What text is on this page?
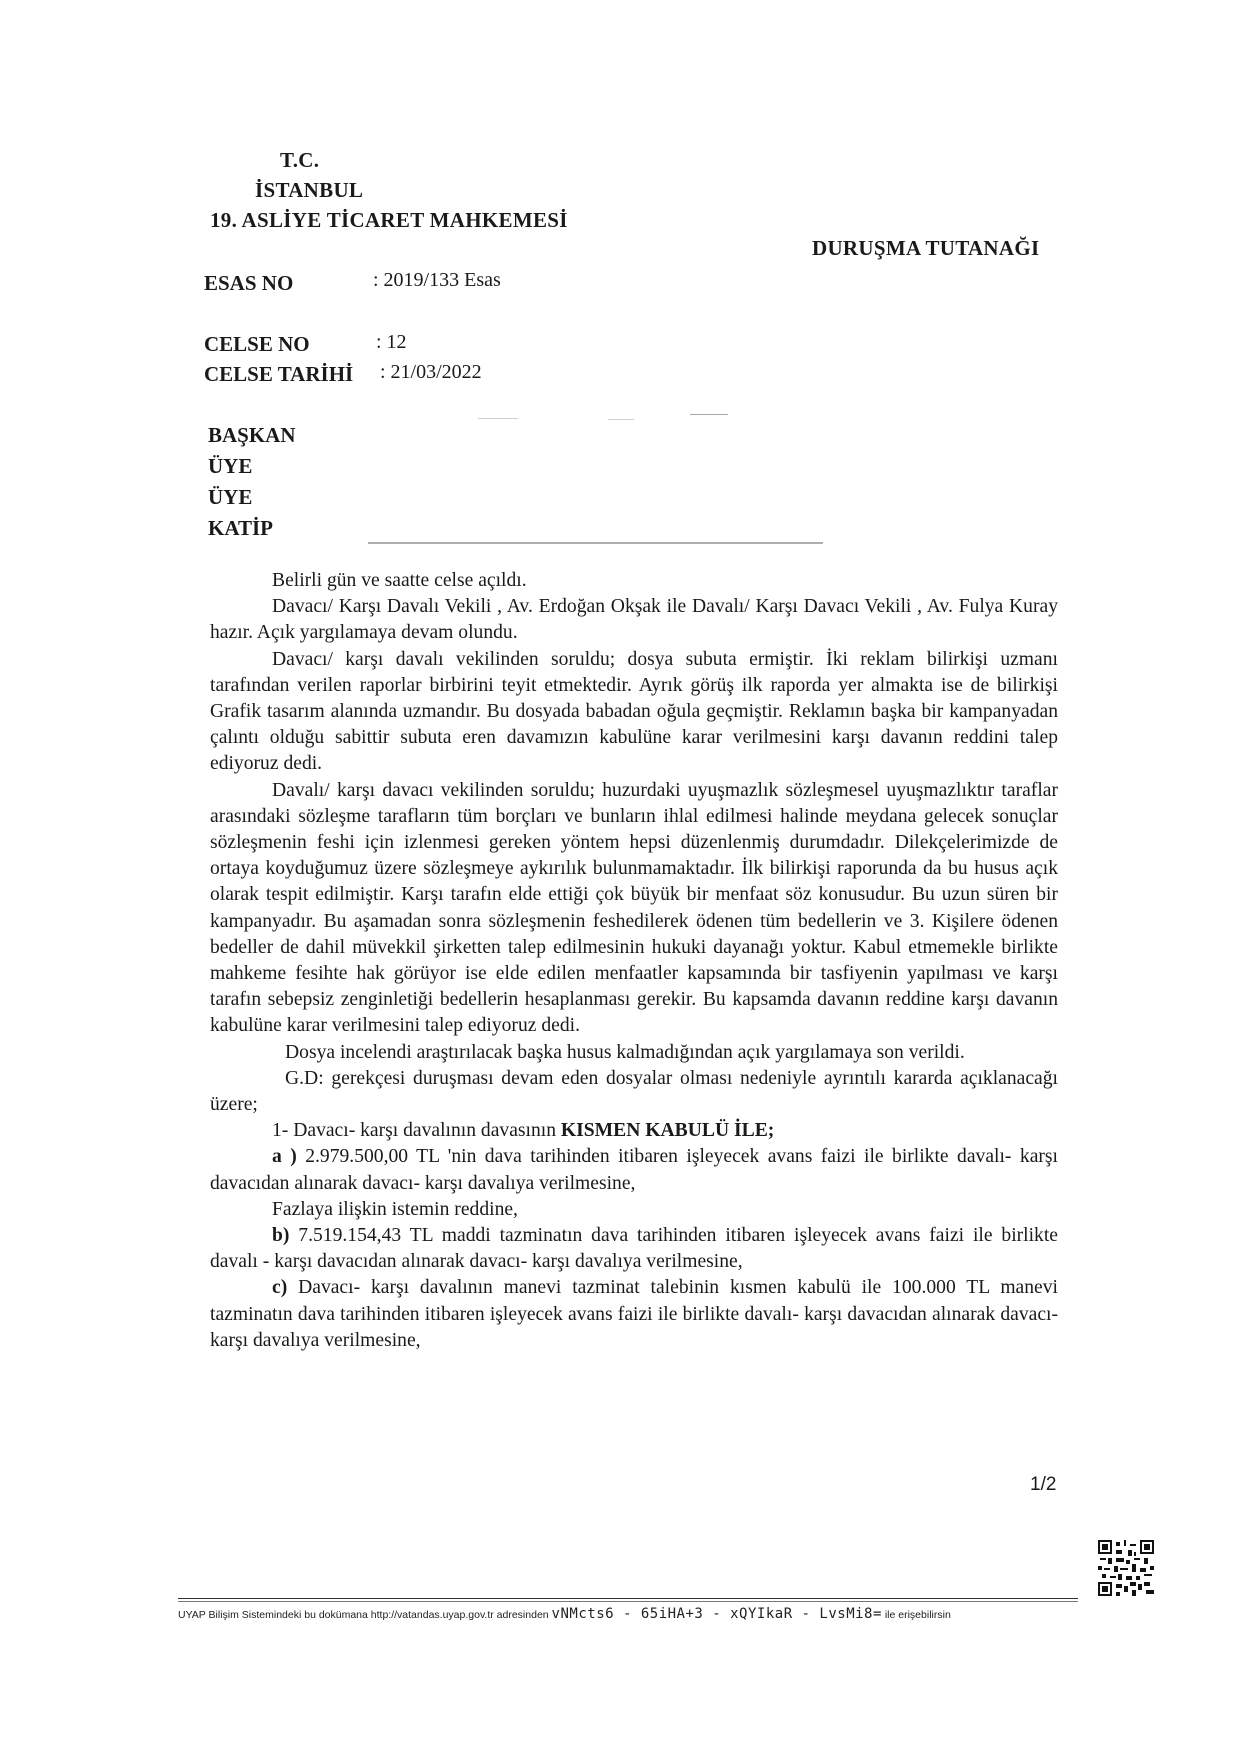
T.C.
İSTANBUL
19. ASLİYE TİCARET MAHKEMESİ
DURUŞMA TUTANAĞI
ESAS NO	: 2019/133 Esas
CELSE NO	: 12
CELSE TARİHİ : 21/03/2022
BAŞKAN
ÜYE
ÜYE
KATİP

Belirli gün ve saatte celse açıldı.

Davacı/ Karşı Davalı Vekili , Av. Erdoğan Okşak ile Davalı/ Karşı Davacı Vekili , Av. Fulya Kuray hazır. Açık yargılamaya devam olundu.

Davacı/ karşı davalı vekilinden soruldu; dosya subuta ermiştir. İki reklam bilirkişi uzmanı tarafından verilen raporlar birbirini teyit etmektedir. Ayrık görüş ilk raporda yer almakta ise de bilirkişi Grafik tasarım alanında uzmandır. Bu dosyada babadan oğula geçmiştir. Reklamın başka bir kampanyadan çalıntı olduğu sabittir subuta eren davamızın kabulüne karar verilmesini karşı davanın reddini talep ediyoruz dedi.

Davalı/ karşı davacı vekilinden soruldu; huzurdaki uyuşmazlık sözleşmesel uyuşmazlıktır taraflar arasındaki sözleşme tarafların tüm borçları ve bunların ihlal edilmesi halinde meydana gelecek sonuçlar sözleşmenin feshi için izlenmesi gereken yöntem hepsi düzenlenmiş durumdadır. Dilekçelerimizde de ortaya koyduğumuz üzere sözleşmeye aykırılık bulunmamaktadır. İlk bilirkişi raporunda da bu husus açık olarak tespit edilmiştir. Karşı tarafın elde ettiği çok büyük bir menfaat söz konusudur. Bu uzun süren bir kampanyadır. Bu aşamadan sonra sözleşmenin feshedilerek ödenen tüm bedellerin ve 3. Kişilere ödenen bedeller de dahil müvekkil şirketten talep edilmesinin hukuki dayanağı yoktur. Kabul etmemekle birlikte mahkeme fesihte hak görüyor ise elde edilen menfaatler kapsamında bir tasfiyenin yapılması ve karşı tarafın sebepsiz zenginletiği bedellerin hesaplanması gerekir. Bu kapsamda davanın reddine karşı davanın kabulüne karar verilmesini talep ediyoruz dedi.

Dosya incelendi araştırılacak başka husus kalmadığından açık yargılamaya son verildi.

G.D: gerekçesi duruşması devam eden dosyalar olması nedeniyle ayrıntılı kararda açıklanacağı üzere;

1- Davacı- karşı davalının davasının KISMEN KABULÜ İLE;

a ) 2.979.500,00 TL 'nin dava tarihinden itibaren işleyecek avans faizi ile birlikte davalı- karşı davacıdan alınarak davacı- karşı davalıya verilmesine,

Fazlaya ilişkin istemin reddine,

b) 7.519.154,43 TL maddi tazminatın dava tarihinden itibaren işleyecek avans faizi ile birlikte davalı - karşı davacıdan alınarak davacı- karşı davalıya verilmesine,

c) Davacı- karşı davalının manevi tazminat talebinin kısmen kabulü ile 100.000 TL manevi tazminatın dava tarihinden itibaren işleyecek avans faizi ile birlikte davalı- karşı davacıdan alınarak davacı- karşı davalıya verilmesine,

1/2
UYAP Bilişim Sistemindeki bu dokümana http://vatandas.uyap.gov.tr adresinden vNMcts6 - 65iHA+3 - xQYIkaR - LvsMi8= ile erişebilirsin
